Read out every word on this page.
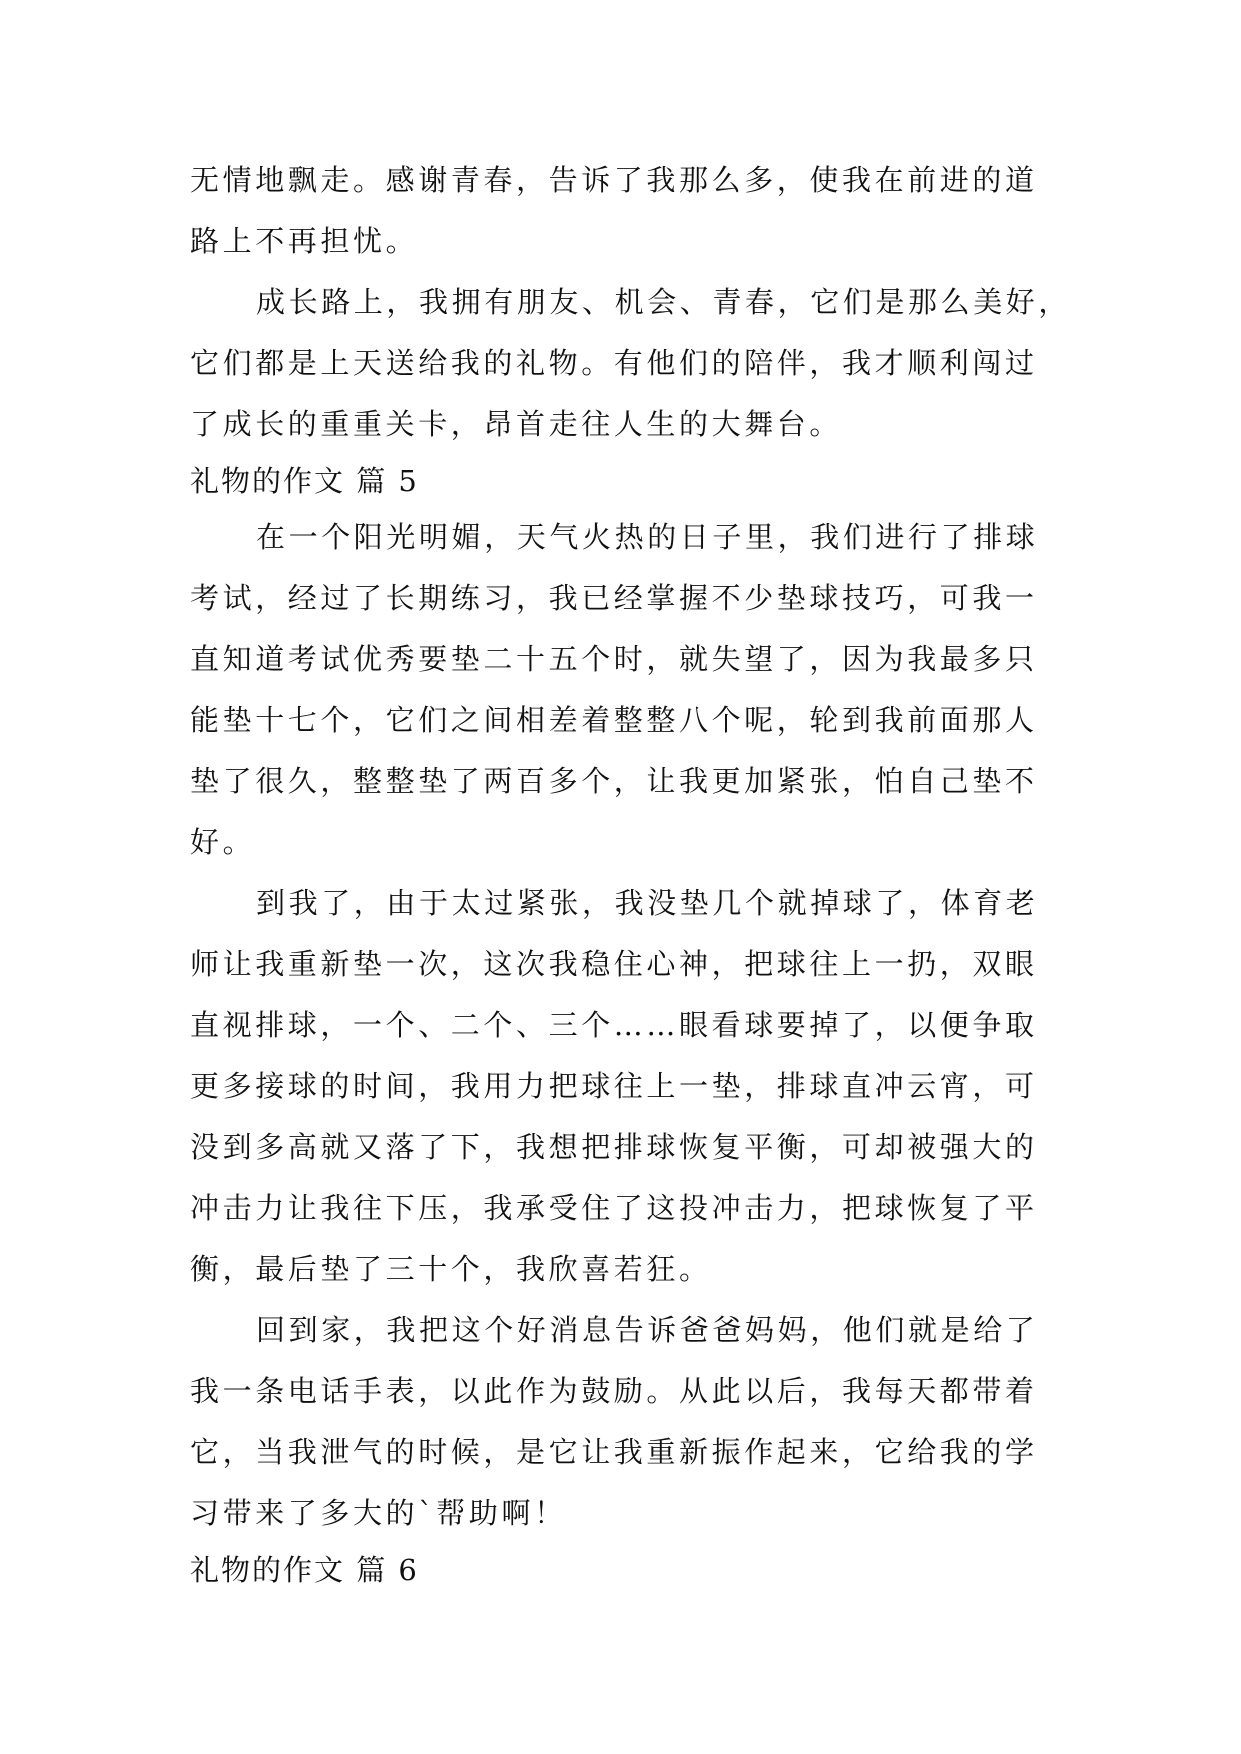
无情地飘走。感谢青春，告诉了我那么多，使我在前进的道
路上不再担忧。
成长路上，我拥有朋友、机会、青春，它们是那么美好，
它们都是上天送给我的礼物。有他们的陪伴，我才顺利闯过
了成长的重重关卡，昂首走往人生的大舞台。
礼物的作文 篇 5
在一个阳光明媚，天气火热的日子里，我们进行了排球
考试，经过了长期练习，我已经掌握不少垫球技巧，可我一
直知道考试优秀要垫二十五个时，就失望了，因为我最多只
能垫十七个，它们之间相差着整整八个呢，轮到我前面那人
垫了很久，整整垫了两百多个，让我更加紧张，怕自己垫不
好。
到我了，由于太过紧张，我没垫几个就掉球了，体育老
师让我重新垫一次，这次我稳住心神，把球往上一扔，双眼
直视排球，一个、二个、三个……眼看球要掉了，以便争取
更多接球的时间，我用力把球往上一垫，排球直冲云宵，可
没到多高就又落了下，我想把排球恢复平衡，可却被强大的
冲击力让我往下压，我承受住了这投冲击力，把球恢复了平
衡，最后垫了三十个，我欣喜若狂。
回到家，我把这个好消息告诉爸爸妈妈，他们就是给了
我一条电话手表，以此作为鼓励。从此以后，我每天都带着
它，当我泄气的时候，是它让我重新振作起来，它给我的学
习带来了多大的`帮助啊！
礼物的作文 篇 6
